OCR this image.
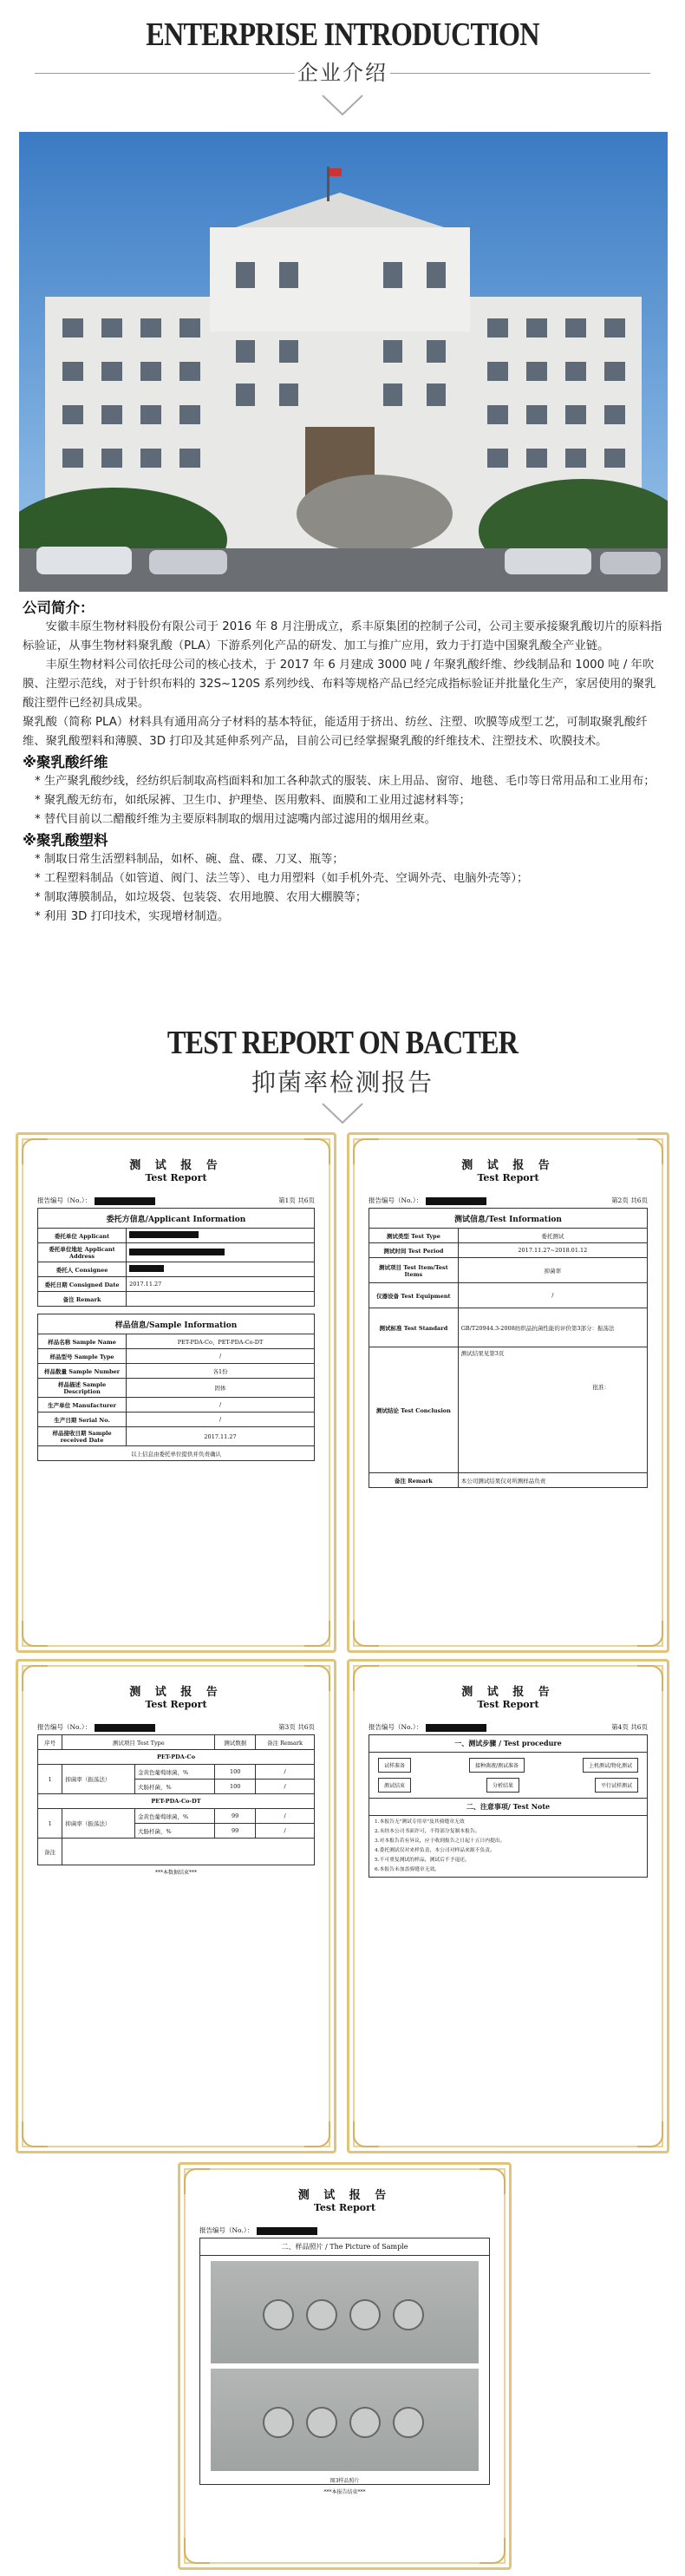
ENTERPRISE INTRODUCTION
企业介绍
公司简介：

安徽丰原生物材料股份有限公司于 2016 年 8 月注册成立，系丰原集团的控制子公司，公司主要承接聚乳酸切片的原料指标验证，从事生物材料聚乳酸（PLA）下游系列化产品的研发、加工与推广应用，致力于打造中国聚乳酸全产业链。

丰原生物材料公司依托母公司的核心技术，于 2017 年 6 月建成 3000 吨 / 年聚乳酸纤维、纱线制品和 1000 吨 / 年吹膜、注塑示范线，对于针织布料的 32S~120S 系列纱线、布料等规格产品已经完成指标验证并批量化生产，家居使用的聚乳酸注塑件已经初具成果。

聚乳酸（简称 PLA）材料具有通用高分子材料的基本特征，能适用于挤出、纺丝、注塑、吹膜等成型工艺，可制取聚乳酸纤维、聚乳酸塑料和薄膜、3D 打印及其延伸系列产品，目前公司已经掌握聚乳酸的纤维技术、注塑技术、吹膜技术。

※聚乳酸纤维

* 生产聚乳酸纱线，经纺织后制取高档面料和加工各种款式的服装、床上用品、窗帘、地毯、毛巾等日常用品和工业用布；

* 聚乳酸无纺布，如纸尿裤、卫生巾、护理垫、医用敷料、面膜和工业用过滤材料等；

* 替代目前以二醋酸纤维为主要原料制取的烟用过滤嘴内部过滤用的烟用丝束。

※聚乳酸塑料

* 制取日常生活塑料制品，如杯、碗、盘、碟、刀叉、瓶等；

* 工程塑料制品（如管道、阀门、法兰等）、电力用塑料（如手机外壳、空调外壳、电脑外壳等）；

* 制取薄膜制品，如垃圾袋、包装袋、农用地膜、农用大棚膜等；

* 利用 3D 打印技术，实现增材制造。

TEST REPORT ON BACTER
抑菌率检测报告
测 试 报 告
Test Report
报告编号（No.）：	第1页 共6页
委托方信息/Applicant Information	
委托单位 Applicant	
委托单位地址 Applicant Address	
委托人 Consignee	
委托日期 Consigned Date	2017.11.27
备注 Remark	
样品信息/Sample Information	
样品名称 Sample Name	PET-PDA-Co、PET-PDA-Co-DT
样品型号 Sample Type	/
样品数量 Sample Number	各1份
样品描述 Sample Description	固体
生产单位 Manufacturer	/
生产日期 Serial No.	/
样品接收日期 Sample received Date	2017.11.27
以上信息由委托单位提供并负责确认	
测 试 报 告
Test Report
报告编号（No.）：	第2页 共6页
测试信息/Test Information	
测试类型 Test Type	委托测试
测试时间 Test Period	2017.11.27~2018.01.12
测试项目 Test Item/Test Items	抑菌率
仪器设备 Test Equipment	/
测试标准 Test Standard	GB/T20944.3-2008纺织品抗菌性能的评价第3部分：振荡法
测试结论 Test Conclusion	测试结果见第3页
批准：

备注 Remark	本公司测试结果仅对所测样品负责
测 试 报 告
Test Report
报告编号（No.）：	第3页 共6页
序号	测试项目 Test Type		测试数据	备注 Remark
PET-PDA-Co				
1	抑菌率（振荡法）	金黄色葡萄球菌，%	100	/
		大肠杆菌，%	100	/
PET-PDA-Co-DT				
1	抑菌率（振荡法）	金黄色葡萄球菌，%	99	/
		大肠杆菌，%	99	/
备注				
***本数据结束***
测 试 报 告
Test Report
报告编号（No.）：	第4页 共6页
一、测试步骤 / Test procedure
试样准备	接种菌液/测试准备	上机测试/物化测试
测试结束	分析结果	平行试样测试
二、注意事项/ Test Note
1.本报告无"测试专用章"及其骑缝章无效
2.未经本公司书面许可，不得部分复制本报告。
3.对本报告若有异议，应于收到报告之日起十五日内提出。
4.委托测试仅对来样负责，本公司对样品来源不负责。
5.不可重复测试的样品，测试后不予退还。
6.本报告未加盖骑缝章无效。
测 试 报 告
Test Report
报告编号（No.）：
二、样品照片 / The Picture of Sample
图3样品照片
***本报告结束***
